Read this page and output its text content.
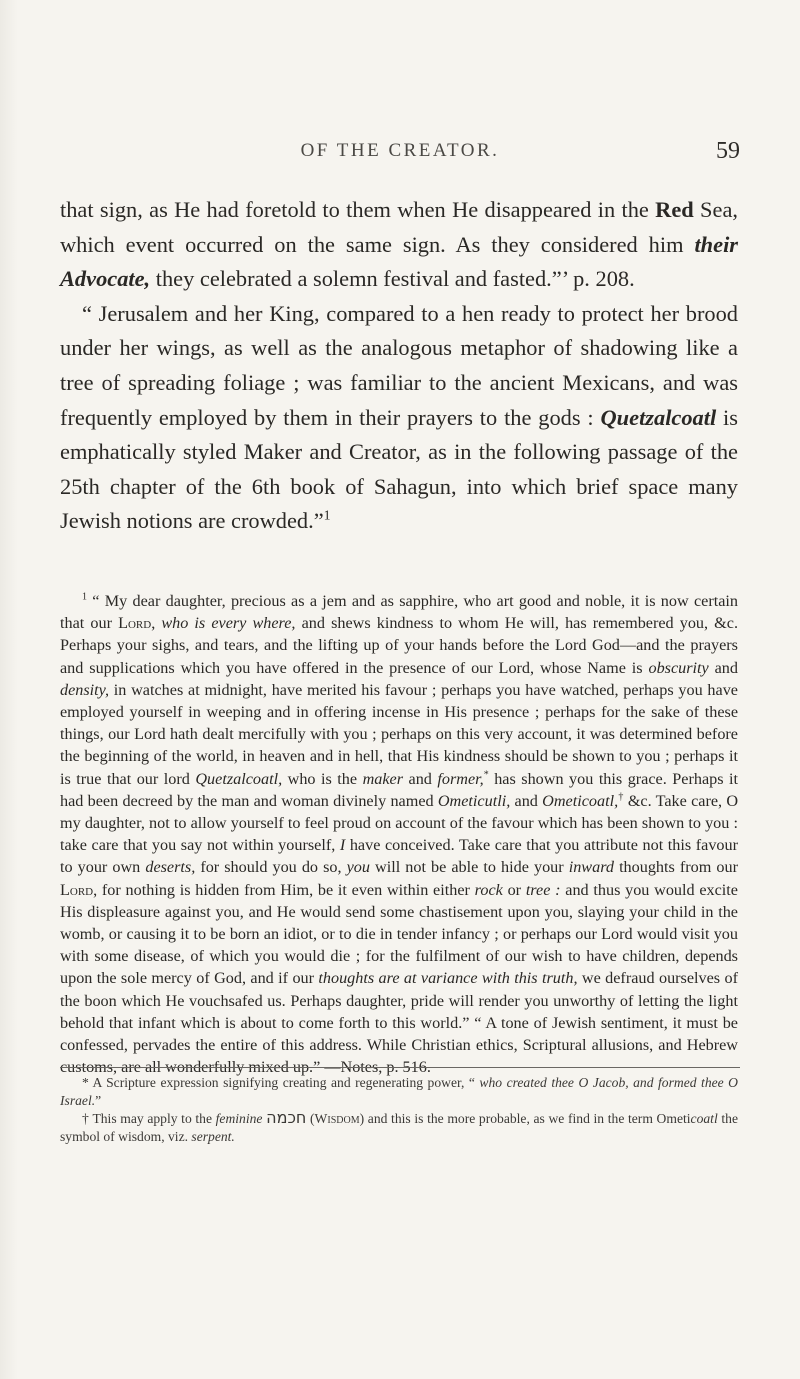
OF THE CREATOR.	59

that sign, as He had foretold to them when He disappeared in the Red Sea, which event occurred on the same sign. As they considered him their Advocate, they celebrated a solemn festival and fasted.”’ p. 208.

“ Jerusalem and her King, compared to a hen ready to protect her brood under her wings, as well as the analogous metaphor of shadowing like a tree of spreading foliage ; was familiar to the ancient Mexicans, and was frequently employed by them in their prayers to the gods : Quetzalcoatl is emphatically styled Maker and Creator, as in the following passage of the 25th chapter of the 6th book of Sahagun, into which brief space many Jewish notions are crowded.”$^1$

$^1$ “ My dear daughter, precious as a jem and as sapphire, who art good and noble, it is now certain that our Lord, who is every where, and shews kindness to whom He will, has remembered you, &c. Perhaps your sighs, and tears, and the lifting up of your hands before the Lord God—and the prayers and supplications which you have offered in the presence of our Lord, whose Name is obscurity and density, in watches at midnight, have merited his favour ; perhaps you have watched, perhaps you have employed yourself in weeping and in offering incense in His presence ; perhaps for the sake of these things, our Lord hath dealt mercifully with you ; perhaps on this very account, it was determined before the beginning of the world, in heaven and in hell, that His kindness should be shown to you ; perhaps it is true that our lord Quetzalcoatl, who is the maker and former,* has shown you this grace. Perhaps it had been decreed by the man and woman divinely named Ometicutli, and Ometicoatl,† &c. Take care, O my daughter, not to allow yourself to feel proud on account of the favour which has been shown to you : take care that you say not within yourself, I have conceived. Take care that you attribute not this favour to your own deserts, for should you do so, you will not be able to hide your inward thoughts from our Lord, for nothing is hidden from Him, be it even within either rock or tree : and thus you would excite His displeasure against you, and He would send some chastisement upon you, slaying your child in the womb, or causing it to be born an idiot, or to die in tender infancy ; or perhaps our Lord would visit you with some disease, of which you would die ; for the fulfilment of our wish to have children, depends upon the sole mercy of God, and if our thoughts are at variance with this truth, we defraud ourselves of the boon which He vouchsafed us. Perhaps daughter, pride will render you unworthy of letting the light behold that infant which is about to come forth to this world.” “ A tone of Jewish sentiment, it must be confessed, pervades the entire of this address. While Christian ethics, Scriptural allusions, and Hebrew customs, are all wonderfully mixed up.” —Notes, p. 516.

* A Scripture expression signifying creating and regenerating power, “ who created thee O Jacob, and formed thee O Israel.”

† This may apply to the feminine חכמה (Wisdom) and this is the more probable, as we find in the term Ometicoatl the symbol of wisdom, viz. serpent.
